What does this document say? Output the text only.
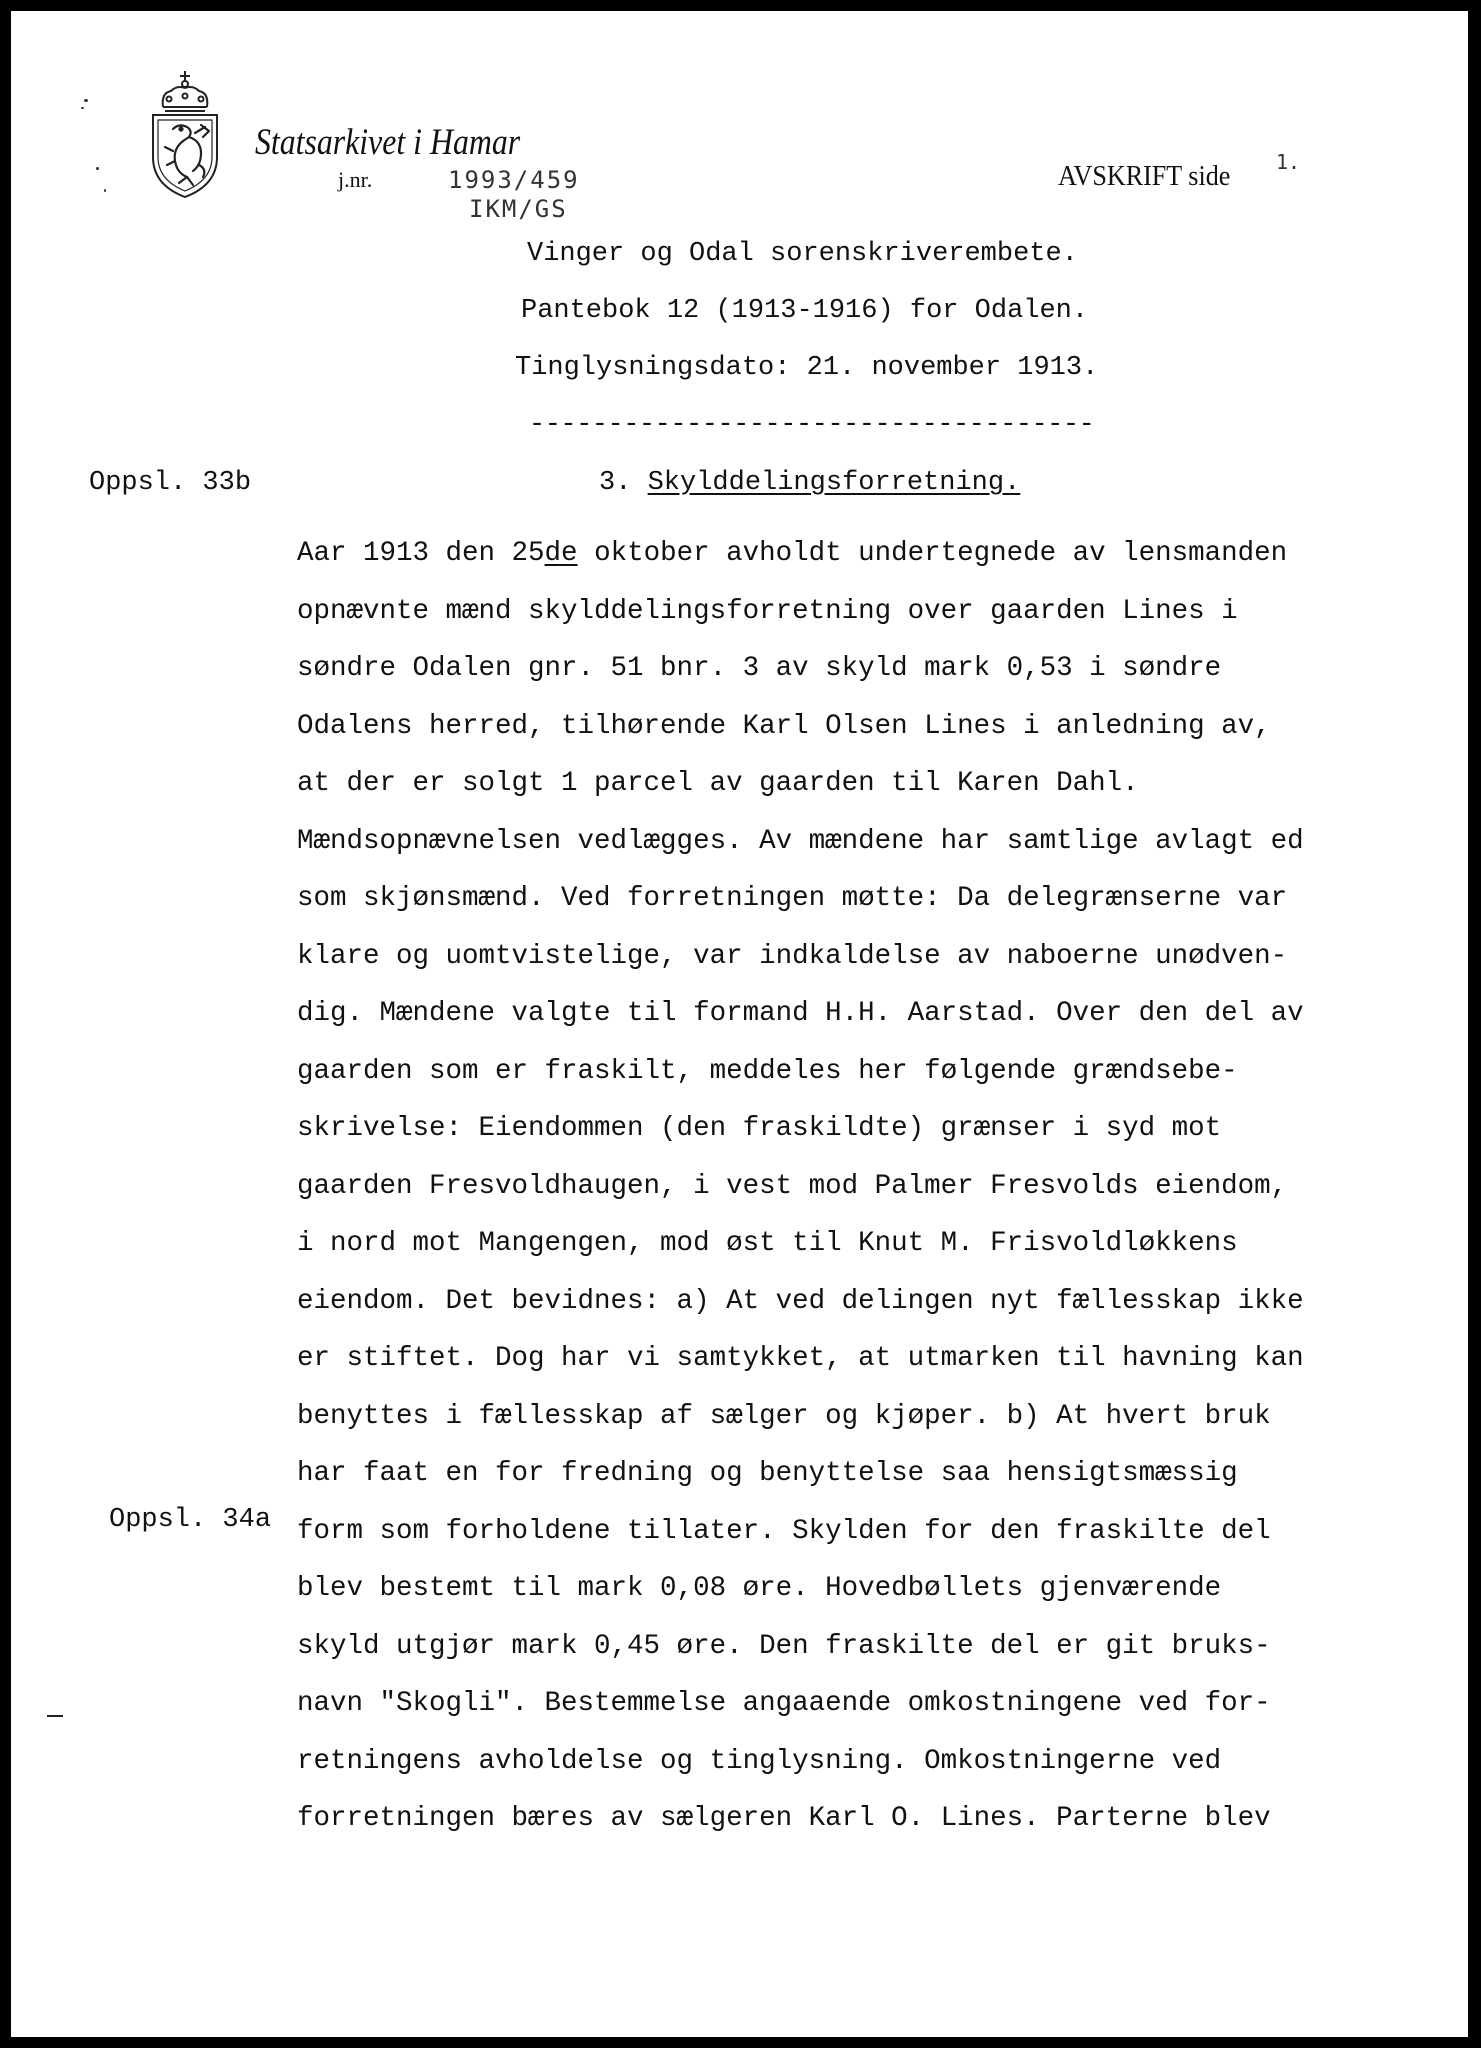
Statsarkivet i Hamar
j.nr.	1993/459
IKM/GS
AVSKRIFT side 1.
Vinger og Odal sorenskriverembete.
Pantebok 12 (1913-1916) for Odalen.
Tinglysningsdato: 21. november 1913.
------------------------------------
Oppsl. 33b
Oppsl. 34a
3. Skylddelingsforretning.
Aar 1913 den 25de oktober avholdt undertegnede av lensmanden
opnævnte mænd skylddelingsforretning over gaarden Lines i
søndre Odalen gnr. 51 bnr. 3 av skyld mark 0,53 i søndre
Odalens herred, tilhørende Karl Olsen Lines i anledning av,
at der er solgt 1 parcel av gaarden til Karen Dahl.
Mændsopnævnelsen vedlægges. Av mændene har samtlige avlagt ed
som skjønsmænd. Ved forretningen møtte: Da delegrænserne var
klare og uomtvistelige, var indkaldelse av naboerne unødven-
dig. Mændene valgte til formand H.H. Aarstad. Over den del av
gaarden som er fraskilt, meddeles her følgende grændsebe-
skrivelse: Eiendommen (den fraskildte) grænser i syd mot
gaarden Fresvoldhaugen, i vest mod Palmer Fresvolds eiendom,
i nord mot Mangengen, mod øst til Knut M. Frisvoldløkkens
eiendom. Det bevidnes: a) At ved delingen nyt fællesskap ikke
er stiftet. Dog har vi samtykket, at utmarken til havning kan
benyttes i fællesskap af sælger og kjøper. b) At hvert bruk
har faat en for fredning og benyttelse saa hensigtsmæssig
form som forholdene tillater. Skylden for den fraskilte del
blev bestemt til mark 0,08 øre. Hovedbøllets gjenværende
skyld utgjør mark 0,45 øre. Den fraskilte del er git bruks-
navn "Skogli". Bestemmelse angaaende omkostningene ved for-
retningens avholdelse og tinglysning. Omkostningerne ved
forretningen bæres av sælgeren Karl O. Lines. Parterne blev
